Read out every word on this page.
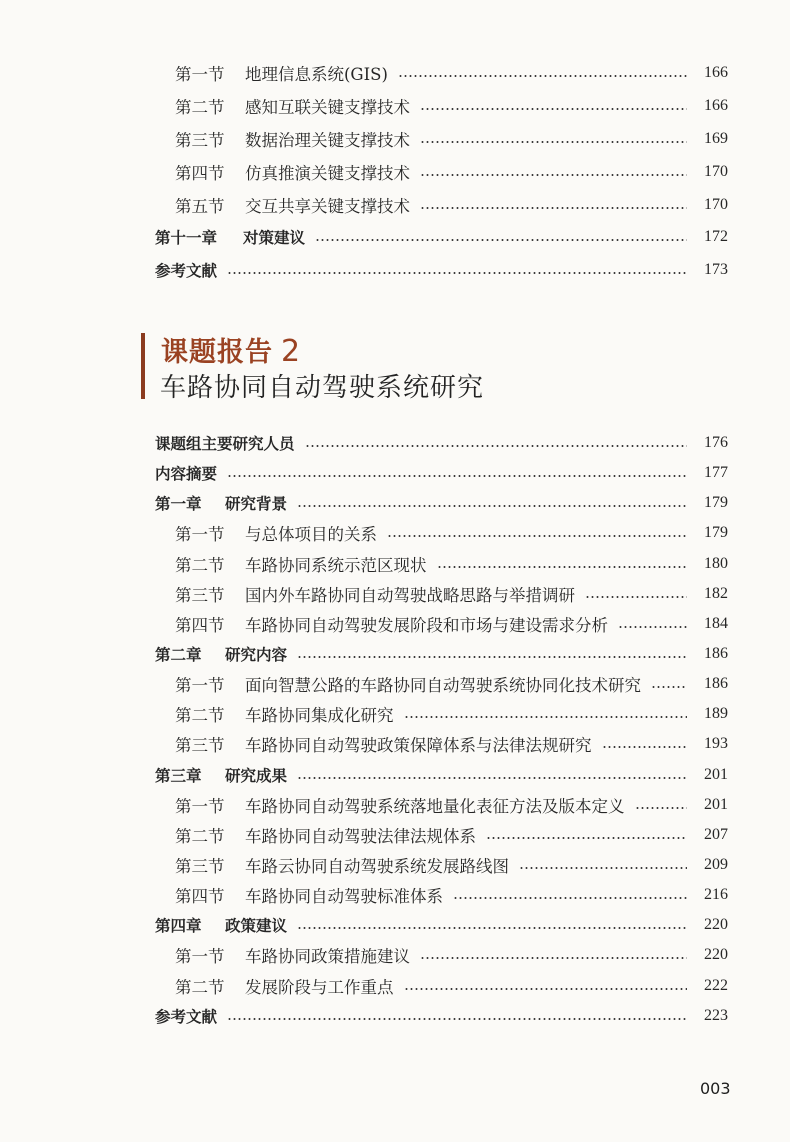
第一节	地理信息系统(GIS)	166
第二节	感知互联关键支撑技术	166
第三节	数据治理关键支撑技术	169
第四节	仿真推演关键支撑技术	170
第五节	交互共享关键支撑技术	170
第十一章	对策建议	172
参考文献	173
课题报告 2
车路协同自动驾驶系统研究
课题组主要研究人员	176
内容摘要	177
第一章	研究背景	179
第一节	与总体项目的关系	179
第二节	车路协同系统示范区现状	180
第三节	国内外车路协同自动驾驶战略思路与举措调研	182
第四节	车路协同自动驾驶发展阶段和市场与建设需求分析	184
第二章	研究内容	186
第一节	面向智慧公路的车路协同自动驾驶系统协同化技术研究	186
第二节	车路协同集成化研究	189
第三节	车路协同自动驾驶政策保障体系与法律法规研究	193
第三章	研究成果	201
第一节	车路协同自动驾驶系统落地量化表征方法及版本定义	201
第二节	车路协同自动驾驶法律法规体系	207
第三节	车路云协同自动驾驶系统发展路线图	209
第四节	车路协同自动驾驶标准体系	216
第四章	政策建议	220
第一节	车路协同政策措施建议	220
第二节	发展阶段与工作重点	222
参考文献	223
003
